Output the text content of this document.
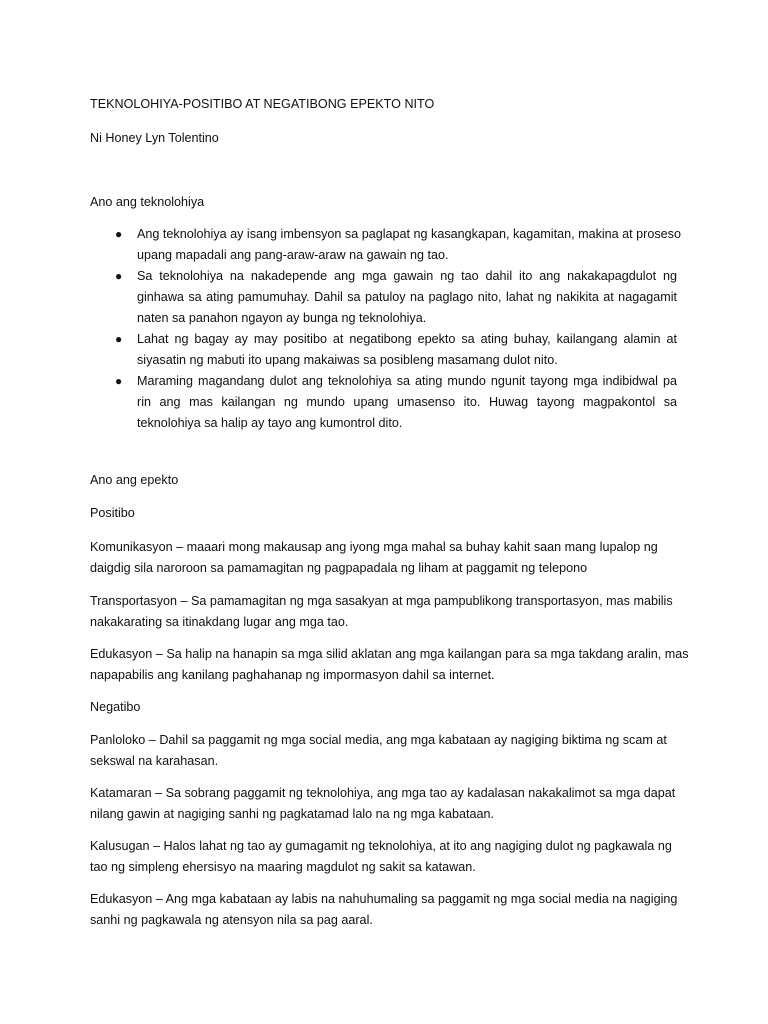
TEKNOLOHIYA-POSITIBO AT NEGATIBONG EPEKTO NITO

Ni Honey Lyn Tolentino

Ano ang teknolohiya

● Ang teknolohiya ay isang imbensyon sa paglapat ng kasangkapan, kagamitan, makina at proseso
upang mapadali ang pang-araw-araw na gawain ng tao.
● Sa teknolohiya na nakadepende ang mga gawain ng tao dahil ito ang nakakapagdulot ng
ginhawa sa ating pamumuhay. Dahil sa patuloy na paglago nito, lahat ng nakikita at nagagamit
naten sa panahon ngayon ay bunga ng teknolohiya.
● Lahat ng bagay ay may positibo at negatibong epekto sa ating buhay, kailangang alamin at
siyasatin ng mabuti ito upang makaiwas sa posibleng masamang dulot nito.
● Maraming magandang dulot ang teknolohiya sa ating mundo ngunit tayong mga indibidwal pa
rin ang mas kailangan ng mundo upang umasenso ito. Huwag tayong magpakontol sa
teknolohiya sa halip ay tayo ang kumontrol dito.

Ano ang epekto

Positibo

Komunikasyon – maaari mong makausap ang iyong mga mahal sa buhay kahit saan mang lupalop ng

daigdig sila naroroon sa pamamagitan ng pagpapadala ng liham at paggamit ng telepono

Transportasyon – Sa pamamagitan ng mga sasakyan at mga pampublikong transportasyon, mas mabilis

nakakarating sa itinakdang lugar ang mga tao.

Edukasyon – Sa halip na hanapin sa mga silid aklatan ang mga kailangan para sa mga takdang aralin, mas

napapabilis ang kanilang paghahanap ng impormasyon dahil sa internet.

Negatibo

Panloloko – Dahil sa paggamit ng mga social media, ang mga kabataan ay nagiging biktima ng scam at

sekswal na karahasan.

Katamaran – Sa sobrang paggamit ng teknolohiya, ang mga tao ay kadalasan nakakalimot sa mga dapat

nilang gawin at nagiging sanhi ng pagkatamad lalo na ng mga kabataan.

Kalusugan – Halos lahat ng tao ay gumagamit ng teknolohiya, at ito ang nagiging dulot ng pagkawala ng

tao ng simpleng ehersisyo na maaring magdulot ng sakit sa katawan.

Edukasyon – Ang mga kabataan ay labis na nahuhumaling sa paggamit ng mga social media na nagiging

sanhi ng pagkawala ng atensyon nila sa pag aaral.
